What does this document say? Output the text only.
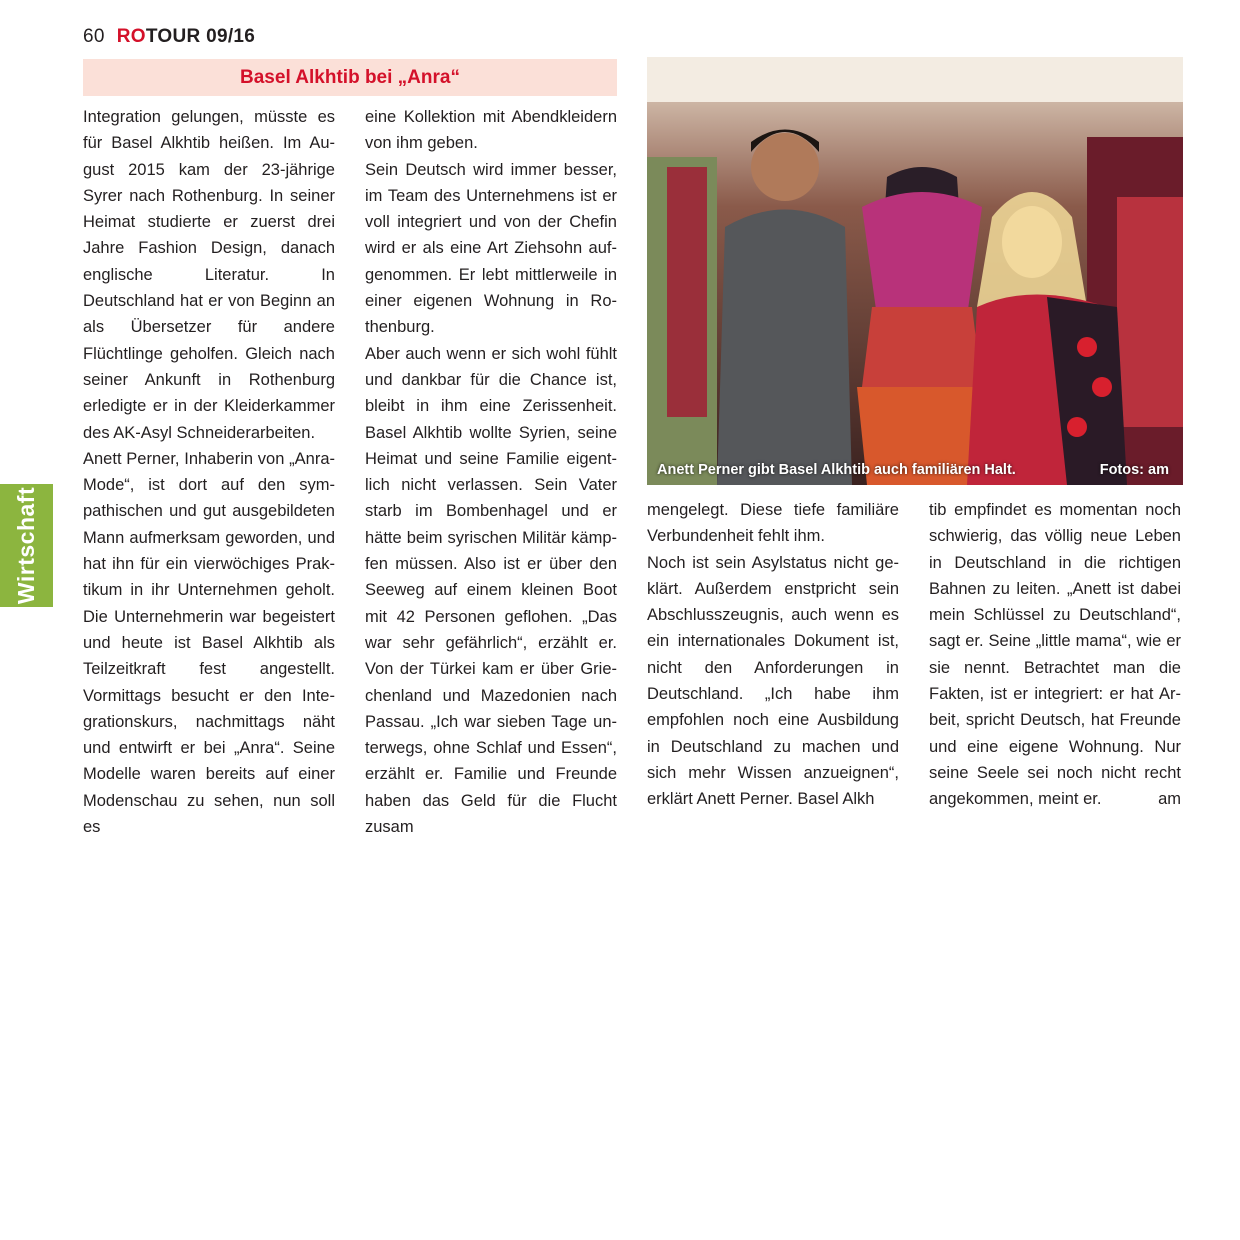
60 ROTOUR 09/16
Wirtschaft
Basel Alkhtib bei „Anra“

Integration gelungen, müsste es für Basel Alkhtib heißen. Im August 2015 kam der 23-jährige Syrer nach Rothenburg. In seiner Heimat studierte er zuerst drei Jahre Fashion Design, danach englische Literatur. In Deutschland hat er von Beginn an als Übersetzer für andere Flüchtlinge geholfen. Gleich nach seiner Ankunft in Rothenburg erledigte er in der Kleiderkammer des AK-Asyl Schneiderarbeiten.

Anett Perner, Inhaberin von „Anra-Mode“, ist dort auf den sympathischen und gut ausgebildeten Mann aufmerksam geworden, und hat ihn für ein vierwöchiges Praktikum in ihr Unternehmen geholt. Die Unternehmerin war begeistert und heute ist Basel Alkhtib als Teilzeitkraft fest angestellt. Vormittags besucht er den Integrationskurs, nachmittags näht und entwirft er bei „Anra“. Seine Modelle waren bereits auf einer Modenschau zu sehen, nun soll es

eine Kollektion mit Abendkleidern von ihm geben.

Sein Deutsch wird immer besser, im Team des Unternehmens ist er voll integriert und von der Chefin wird er als eine Art Ziehsohn aufgenommen. Er lebt mittlerweile in einer eigenen Wohnung in Rothenburg.

Aber auch wenn er sich wohl fühlt und dankbar für die Chance ist, bleibt in ihm eine Zerissenheit. Basel Alkhtib wollte Syrien, seine Heimat und seine Familie eigentlich nicht verlassen. Sein Vater starb im Bombenhagel und er hätte beim syrischen Militär kämpfen müssen. Also ist er über den Seeweg auf einem kleinen Boot mit 42 Personen geflohen. „Das war sehr gefährlich“, erzählt er. Von der Türkei kam er über Griechenland und Mazedonien nach Passau. „Ich war sieben Tage unterwegs, ohne Schlaf und Essen“, erzählt er. Familie und Freunde haben das Geld für die Flucht zusam

Anett Perner gibt Basel Alkhtib auch familiären Halt.	Fotos: am

mengelegt. Diese tiefe familiäre Verbundenheit fehlt ihm.

Noch ist sein Asylstatus nicht geklärt. Außerdem enstpricht sein Abschlusszeugnis, auch wenn es ein internationales Dokument ist, nicht den Anforderungen in Deutschland. „Ich habe ihm empfohlen noch eine Ausbildung in Deutschland zu machen und sich mehr Wissen anzueignen“, erklärt Anett Perner. Basel Alkh

tib empfindet es momentan noch schwierig, das völlig neue Leben in Deutschland in die richtigen Bahnen zu leiten. „Anett ist dabei mein Schlüssel zu Deutschland“, sagt er. Seine „little mama“, wie er sie nennt. Betrachtet man die Fakten, ist er integriert: er hat Arbeit, spricht Deutsch, hat Freunde und eine eigene Wohnung. Nur seine Seele sei noch nicht recht angekommen, meint er.	am
